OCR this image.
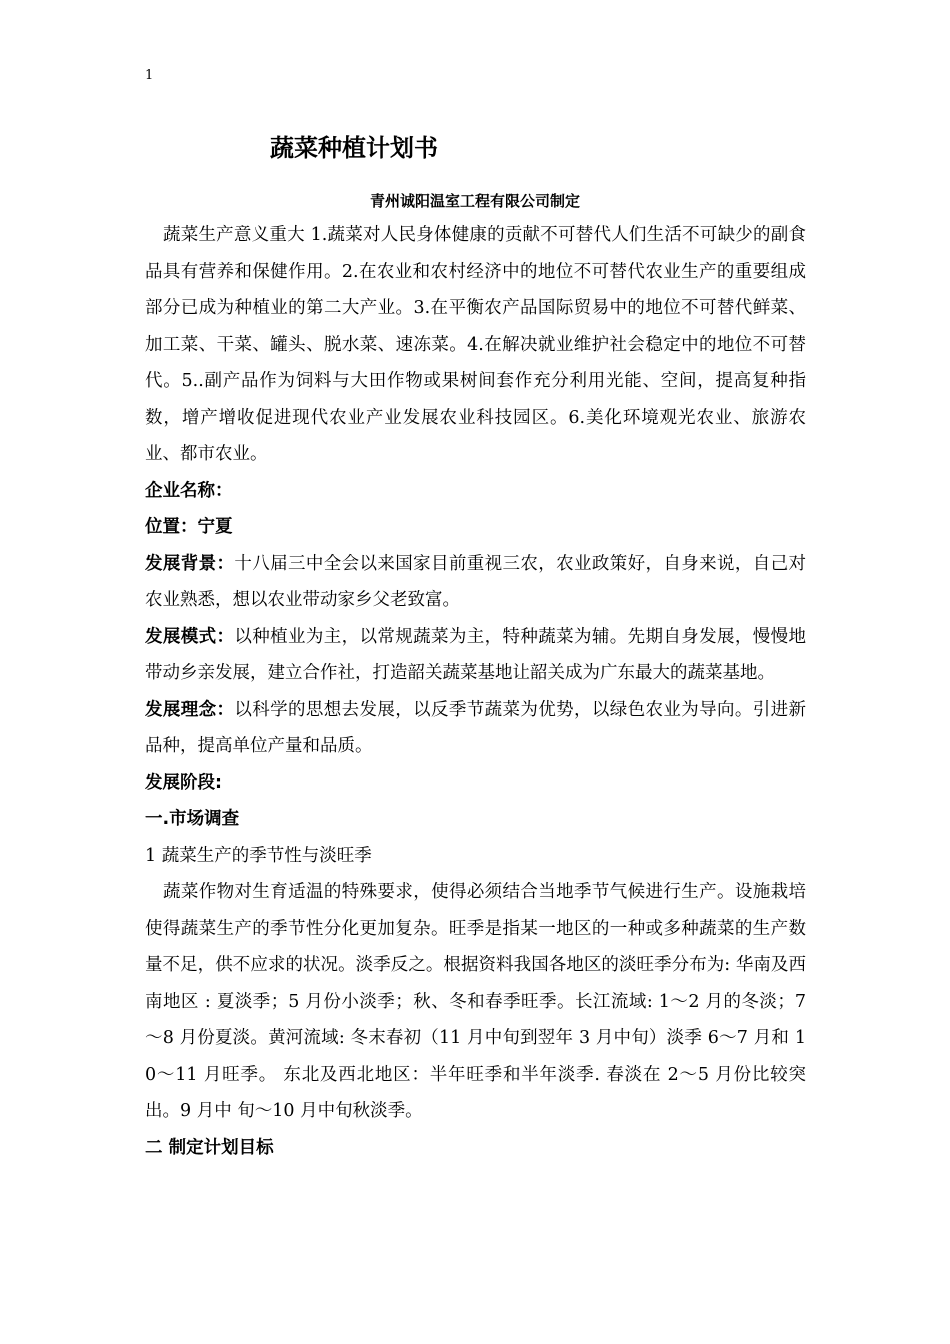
1
蔬菜种植计划书

青州诚阳温室工程有限公司制定

蔬菜生产意义重大 1.蔬菜对人民身体健康的贡献不可替代人们生活不可缺少的副食品具有营养和保健作用。2.在农业和农村经济中的地位不可替代农业生产的重要组成部分已成为种植业的第二大产业。3.在平衡农产品国际贸易中的地位不可替代鲜菜、加工菜、干菜、罐头、脱水菜、速冻菜。4.在解决就业维护社会稳定中的地位不可替代。5..副产品作为饲料与大田作物或果树间套作充分利用光能、空间，提高复种指数，增产增收促进现代农业产业发展农业科技园区。6.美化环境观光农业、旅游农业、都市农业。

企业名称：

位置：宁夏

发展背景：十八届三中全会以来国家目前重视三农，农业政策好，自身来说，自己对农业熟悉，想以农业带动家乡父老致富。

发展模式：以种植业为主，以常规蔬菜为主，特种蔬菜为辅。先期自身发展，慢慢地带动乡亲发展，建立合作社，打造韶关蔬菜基地让韶关成为广东最大的蔬菜基地。

发展理念：以科学的思想去发展，以反季节蔬菜为优势，以绿色农业为导向。引进新品种，提高单位产量和品质。

发展阶段:

一.市场调查

1 蔬菜生产的季节性与淡旺季

蔬菜作物对生育适温的特殊要求，使得必须结合当地季节气候进行生产。设施栽培使得蔬菜生产的季节性分化更加复杂。旺季是指某一地区的一种或多种蔬菜的生产数量不足，供不应求的状况。淡季反之。根据资料我国各地区的淡旺季分布为: 华南及西南地区 : 夏淡季；5 月份小淡季；秋、冬和春季旺季。长江流域: 1～2 月的冬淡；7～8 月份夏淡。黄河流域: 冬末春初（11 月中旬到翌年 3 月中旬）淡季 6～7 月和 10～11 月旺季。 东北及西北地区：半年旺季和半年淡季. 春淡在 2～5 月份比较突出。9 月中 旬～10 月中旬秋淡季。

二 制定计划目标
